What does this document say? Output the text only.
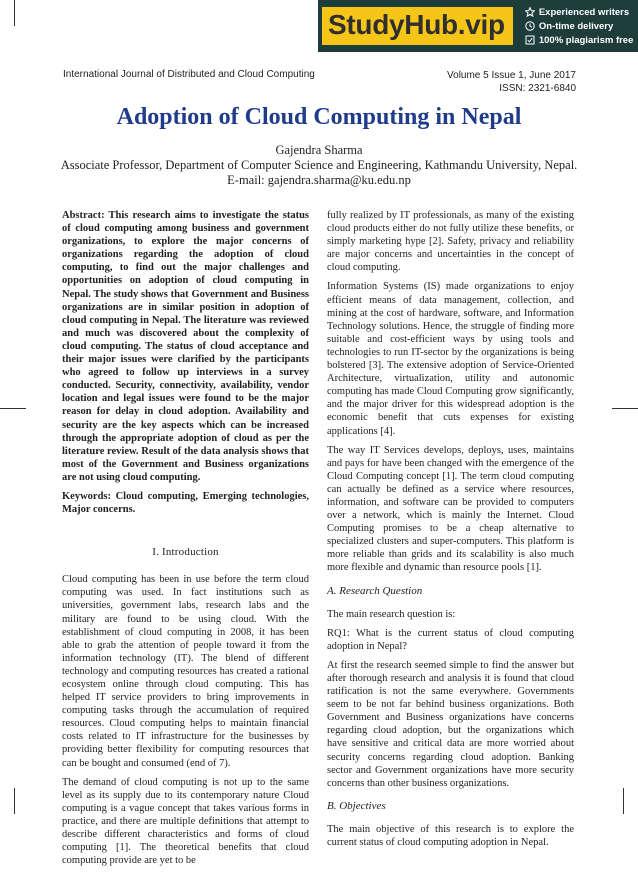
StudyHub.vip	Experienced writers
On-time delivery
100% plagiarism free
International Journal of Distributed and Cloud Computing	Volume 5 Issue 1, June 2017
ISSN: 2321-6840
Adoption of Cloud Computing in Nepal
Gajendra Sharma
Associate Professor, Department of Computer Science and Engineering, Kathmandu University, Nepal.
E-mail: gajendra.sharma@ku.edu.np

Abstract: This research aims to investigate the status of cloud computing among business and government organizations, to explore the major concerns of organizations regarding the adoption of cloud computing, to find out the major challenges and opportunities on adoption of cloud computing in Nepal. The study shows that Government and Business organizations are in similar position in adoption of cloud computing in Nepal. The literature was reviewed and much was discovered about the complexity of cloud computing. The status of cloud acceptance and their major issues were clarified by the participants who agreed to follow up interviews in a survey conducted. Security, connectivity, availability, vendor location and legal issues were found to be the major reason for delay in cloud adoption. Availability and security are the key aspects which can be increased through the appropriate adoption of cloud as per the literature review. Result of the data analysis shows that most of the Government and Business organizations are not using cloud computing.

Keywords: Cloud computing, Emerging technologies, Major concerns.

I. Introduction

Cloud computing has been in use before the term cloud computing was used. In fact institutions such as universities, government labs, research labs and the military are found to be using cloud. With the establishment of cloud computing in 2008, it has been able to grab the attention of people toward it from the information technology (IT). The blend of different technology and computing resources has created a rational ecosystem online through cloud computing. This has helped IT service providers to bring improvements in computing tasks through the accumulation of required resources. Cloud computing helps to maintain financial costs related to IT infrastructure for the businesses by providing better flexibility for computing resources that can be bought and consumed (end of 7).

The demand of cloud computing is not up to the same level as its supply due to its contemporary nature Cloud computing is a vague concept that takes various forms in practice, and there are multiple definitions that attempt to describe different characteristics and forms of cloud computing [1]. The theoretical benefits that cloud computing provide are yet to be

fully realized by IT professionals, as many of the existing cloud products either do not fully utilize these benefits, or simply marketing hype [2]. Safety, privacy and reliability are major concerns and uncertainties in the concept of cloud computing.

Information Systems (IS) made organizations to enjoy efficient means of data management, collection, and mining at the cost of hardware, software, and Information Technology solutions. Hence, the struggle of finding more suitable and cost-efficient ways by using tools and technologies to run IT-sector by the organizations is being bolstered [3]. The extensive adoption of Service-Oriented Architecture, virtualization, utility and autonomic computing has made Cloud Computing grow significantly, and the major driver for this widespread adoption is the economic benefit that cuts expenses for existing applications [4].

The way IT Services develops, deploys, uses, maintains and pays for have been changed with the emergence of the Cloud Computing concept [1]. The term cloud computing can actually be defined as a service where resources, information, and software can be provided to computers over a network, which is mainly the Internet. Cloud Computing promises to be a cheap alternative to specialized clusters and super-computers. This platform is more reliable than grids and its scalability is also much more flexible and dynamic than resource pools [1].

A. Research Question

The main research question is:

RQ1: What is the current status of cloud computing adoption in Nepal?

At first the research seemed simple to find the answer but after thorough research and analysis it is found that cloud ratification is not the same everywhere. Governments seem to be not far behind business organizations. Both Government and Business organizations have concerns regarding cloud adoption, but the organizations which have sensitive and critical data are more worried about security concerns regarding cloud adoption. Banking sector and Government organizations have more security concerns than other business organizations.

B. Objectives

The main objective of this research is to explore the current status of cloud computing adoption in Nepal.
